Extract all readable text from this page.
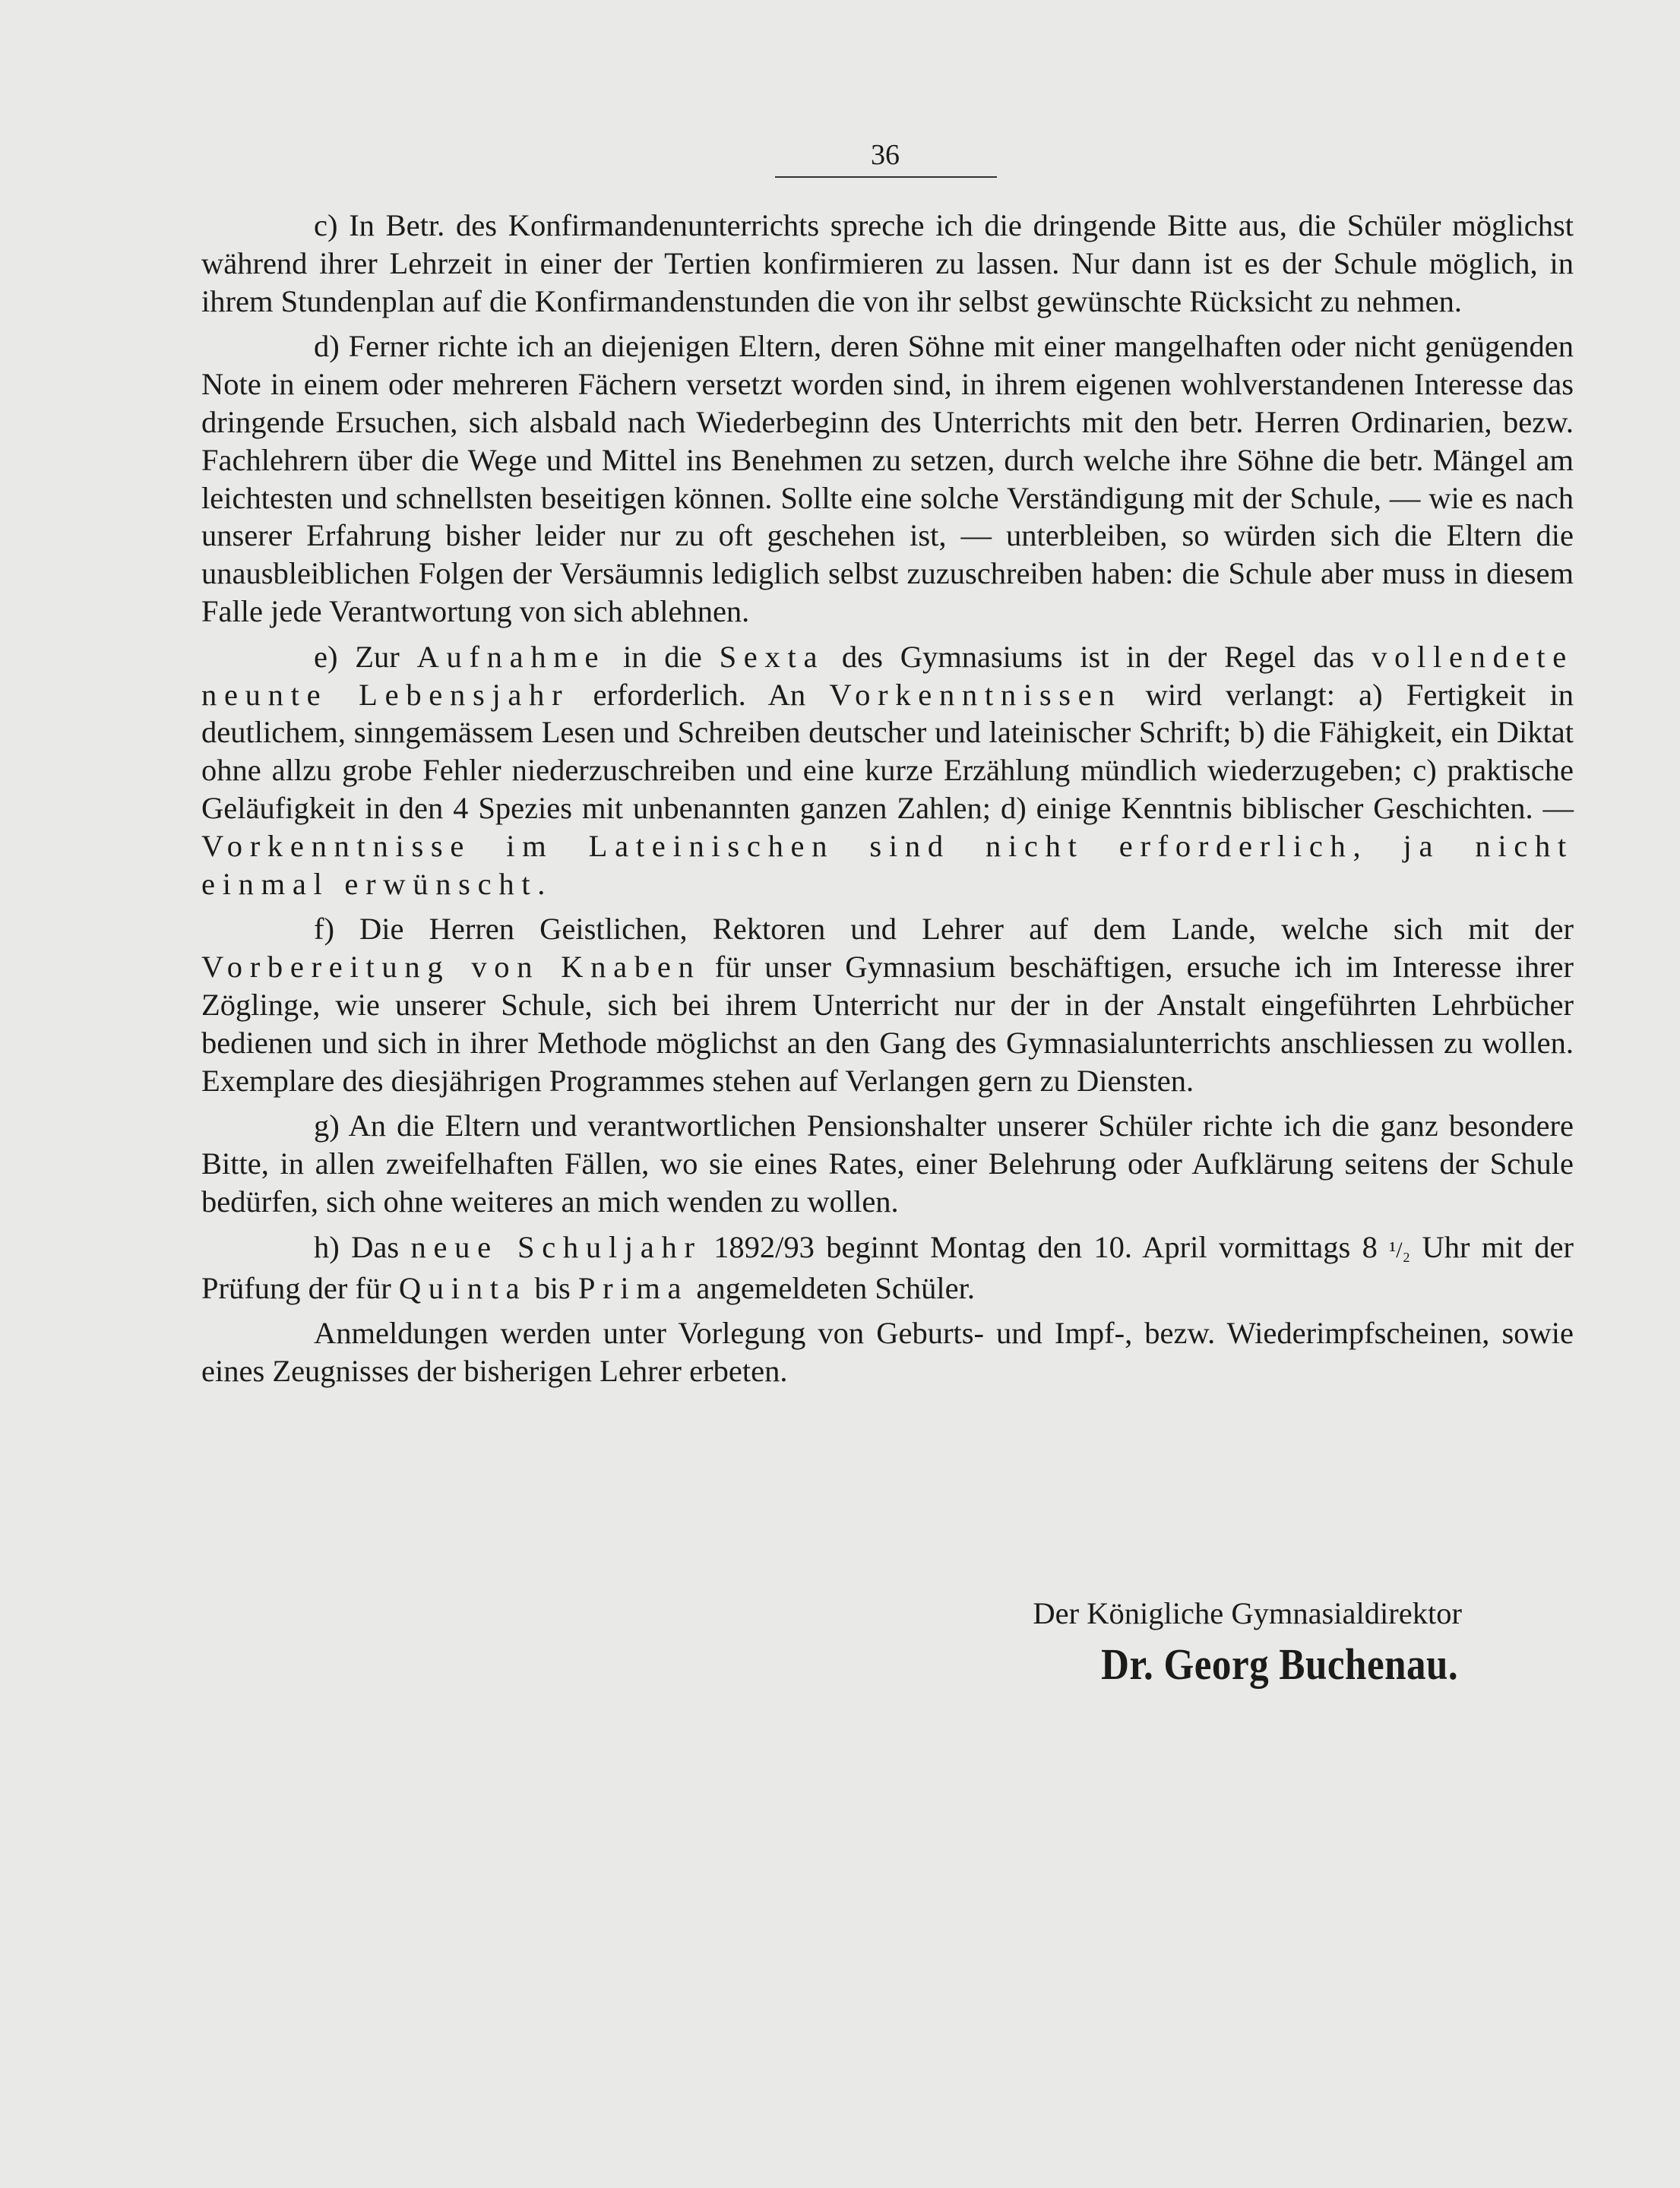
36

c) In Betr. des Konfirmandenunterrichts spreche ich die dringende Bitte aus, die Schüler möglichst während ihrer Lehrzeit in einer der Tertien konfirmieren zu lassen. Nur dann ist es der Schule möglich, in ihrem Stundenplan auf die Konfirmandenstunden die von ihr selbst gewünschte Rücksicht zu nehmen.

d) Ferner richte ich an diejenigen Eltern, deren Söhne mit einer mangelhaften oder nicht genügenden Note in einem oder mehreren Fächern versetzt worden sind, in ihrem eigenen wohlverstandenen Interesse das dringende Ersuchen, sich alsbald nach Wiederbeginn des Unterrichts mit den betr. Herren Ordinarien, bezw. Fachlehrern über die Wege und Mittel ins Benehmen zu setzen, durch welche ihre Söhne die betr. Mängel am leichtesten und schnellsten beseitigen können. Sollte eine solche Verständigung mit der Schule, — wie es nach unserer Erfahrung bisher leider nur zu oft geschehen ist, — unterbleiben, so würden sich die Eltern die unausbleiblichen Folgen der Versäumnis lediglich selbst zuzuschreiben haben: die Schule aber muss in diesem Falle jede Verantwortung von sich ablehnen.

e) Zur Aufnahme in die Sexta des Gymnasiums ist in der Regel das vollendete neunte Lebensjahr erforderlich. An Vorkenntnissen wird verlangt: a) Fertigkeit in deutlichem, sinngemässem Lesen und Schreiben deutscher und lateinischer Schrift; b) die Fähigkeit, ein Diktat ohne allzu grobe Fehler niederzuschreiben und eine kurze Erzählung mündlich wiederzugeben; c) praktische Geläufigkeit in den 4 Spezies mit unbenannten ganzen Zahlen; d) einige Kenntnis biblischer Geschichten. — Vorkenntnisse im Lateinischen sind nicht erforderlich, ja nicht einmal erwünscht.

f) Die Herren Geistlichen, Rektoren und Lehrer auf dem Lande, welche sich mit der Vorbereitung von Knaben für unser Gymnasium beschäftigen, ersuche ich im Interesse ihrer Zöglinge, wie unserer Schule, sich bei ihrem Unterricht nur der in der Anstalt eingeführten Lehrbücher bedienen und sich in ihrer Methode möglichst an den Gang des Gymnasialunterrichts anschliessen zu wollen. Exemplare des diesjährigen Programmes stehen auf Verlangen gern zu Diensten.

g) An die Eltern und verantwortlichen Pensionshalter unserer Schüler richte ich die ganz besondere Bitte, in allen zweifelhaften Fällen, wo sie eines Rates, einer Belehrung oder Aufklärung seitens der Schule bedürfen, sich ohne weiteres an mich wenden zu wollen.

h) Das neue Schuljahr 1892/93 beginnt Montag den 10. April vormittags 8 ¹/₂ Uhr mit der Prüfung der für Quinta bis Prima angemeldeten Schüler.

Anmeldungen werden unter Vorlegung von Geburts- und Impf-, bezw. Wiederimpfscheinen, sowie eines Zeugnisses der bisherigen Lehrer erbeten.

Der Königliche Gymnasialdirektor

Dr. Georg Buchenau.
